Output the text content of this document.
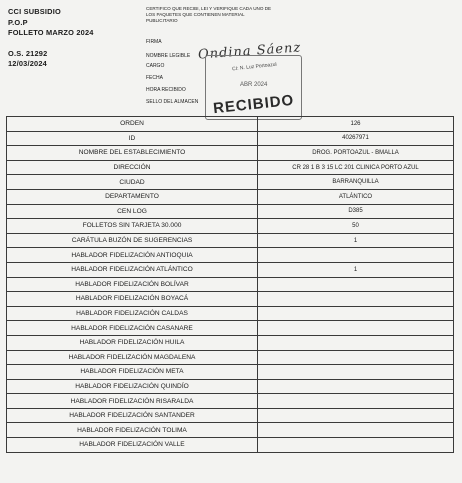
CCI SUBSIDIO
P.O.P
FOLLETO MARZO 2024
O.S. 21292
12/03/2024
CERTIFICO QUE RECIBI, LEI Y VERIFIQUE CADA UNO DE LOS PAQUETES QUE CONTIENEN MATERIAL PUBLICITARIO
FIRMA
NOMBRE LEGIBLE
CARGO
FECHA
HORA RECIBIDO
SELLO DEL ALMACEN
Ondina Sáenz
CI: N. Luz Portoazul
ABR 2024
RECIBIDO
ORDEN	126
ID	40267971
NOMBRE DEL ESTABLECIMIENTO	DROG. PORTOAZUL - BMALLA
DIRECCIÓN	CR 28 1 B 3 15 LC 201 CLINICA PORTO AZUL
CIUDAD	BARRANQUILLA
DEPARTAMENTO	ATLÁNTICO
CEN LOG	D385
FOLLETOS SIN TARJETA 30.000	50
CARÁTULA BUZÓN DE SUGERENCIAS	1
HABLADOR FIDELIZACIÓN ANTIOQUIA	
HABLADOR FIDELIZACIÓN ATLÁNTICO	1
HABLADOR FIDELIZACIÓN BOLÍVAR	
HABLADOR FIDELIZACIÓN BOYACÁ	
HABLADOR FIDELIZACIÓN CALDAS	
HABLADOR FIDELIZACIÓN CASANARE	
HABLADOR FIDELIZACIÓN HUILA	
HABLADOR FIDELIZACIÓN MAGDALENA	
HABLADOR FIDELIZACIÓN META	
HABLADOR FIDELIZACIÓN QUINDÍO	
HABLADOR FIDELIZACIÓN RISARALDA	
HABLADOR FIDELIZACIÓN SANTANDER	
HABLADOR FIDELIZACIÓN TOLIMA	
HABLADOR FIDELIZACIÓN VALLE	
